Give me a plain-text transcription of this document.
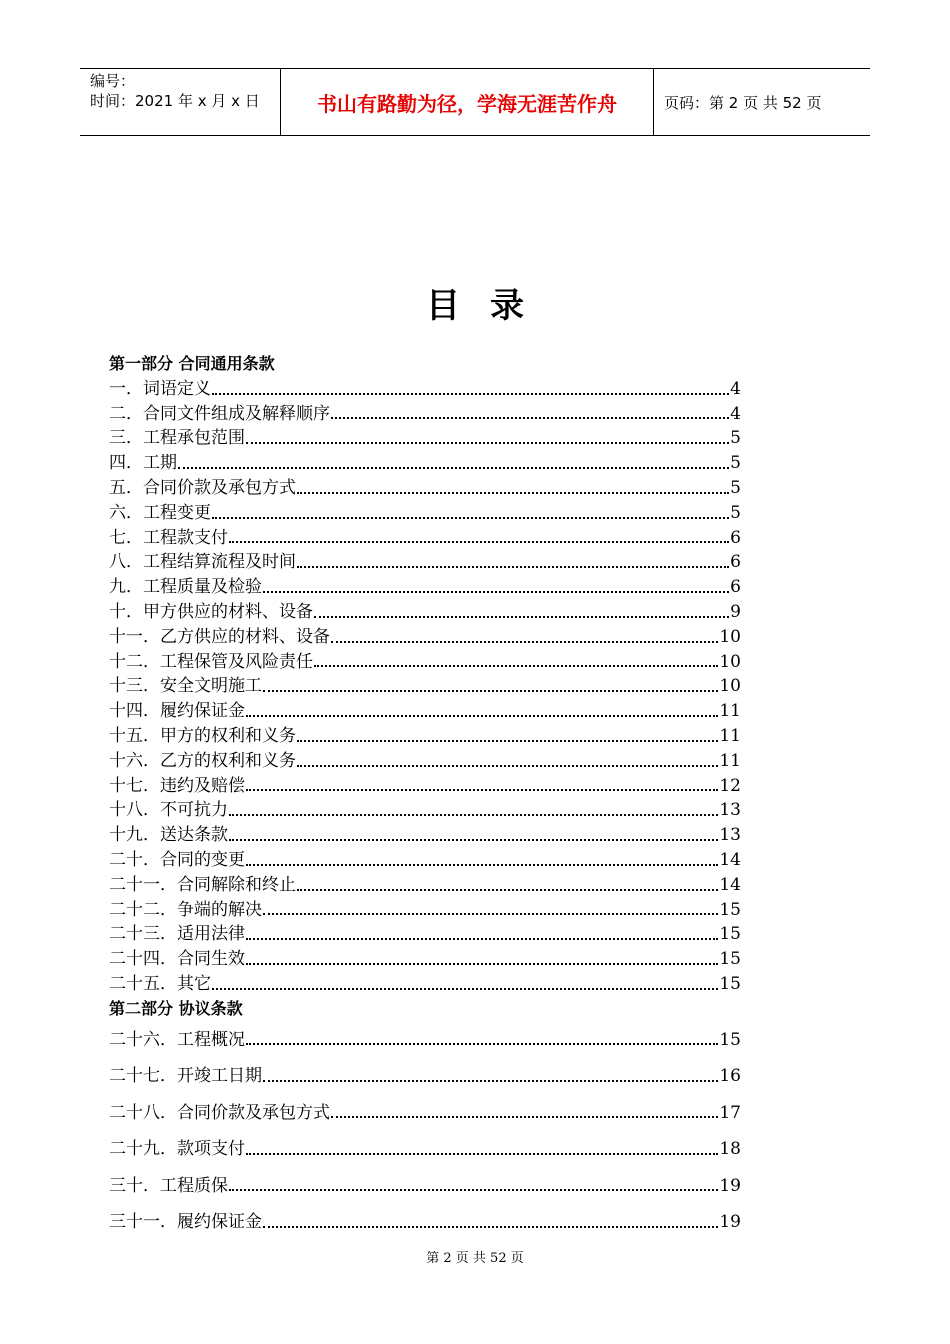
编号：
时间：2021 年 x 月 x 日	书山有路勤为径，学海无涯苦作舟	页码：第 2 页 共 52 页
目录
第一部分 合同通用条款
一．词语定义	4
二．合同文件组成及解释顺序	4
三．工程承包范围	5
四．工期	5
五．合同价款及承包方式	5
六．工程变更	5
七．工程款支付	6
八．工程结算流程及时间	6
九．工程质量及检验	6
十．甲方供应的材料、设备	9
十一．乙方供应的材料、设备	10
十二．工程保管及风险责任	10
十三．安全文明施工	10
十四．履约保证金	11
十五．甲方的权利和义务	11
十六．乙方的权利和义务	11
十七．违约及赔偿	12
十八．不可抗力	13
十九．送达条款	13
二十．合同的变更	14
二十一．合同解除和终止	14
二十二．争端的解决	15
二十三．适用法律	15
二十四．合同生效	15
二十五．其它	15
第二部分 协议条款
二十六．工程概况	15
二十七．开竣工日期	16
二十八．合同价款及承包方式	17
二十九．款项支付	18
三十．工程质保	19
三十一．履约保证金	19
第 2 页 共 52 页
